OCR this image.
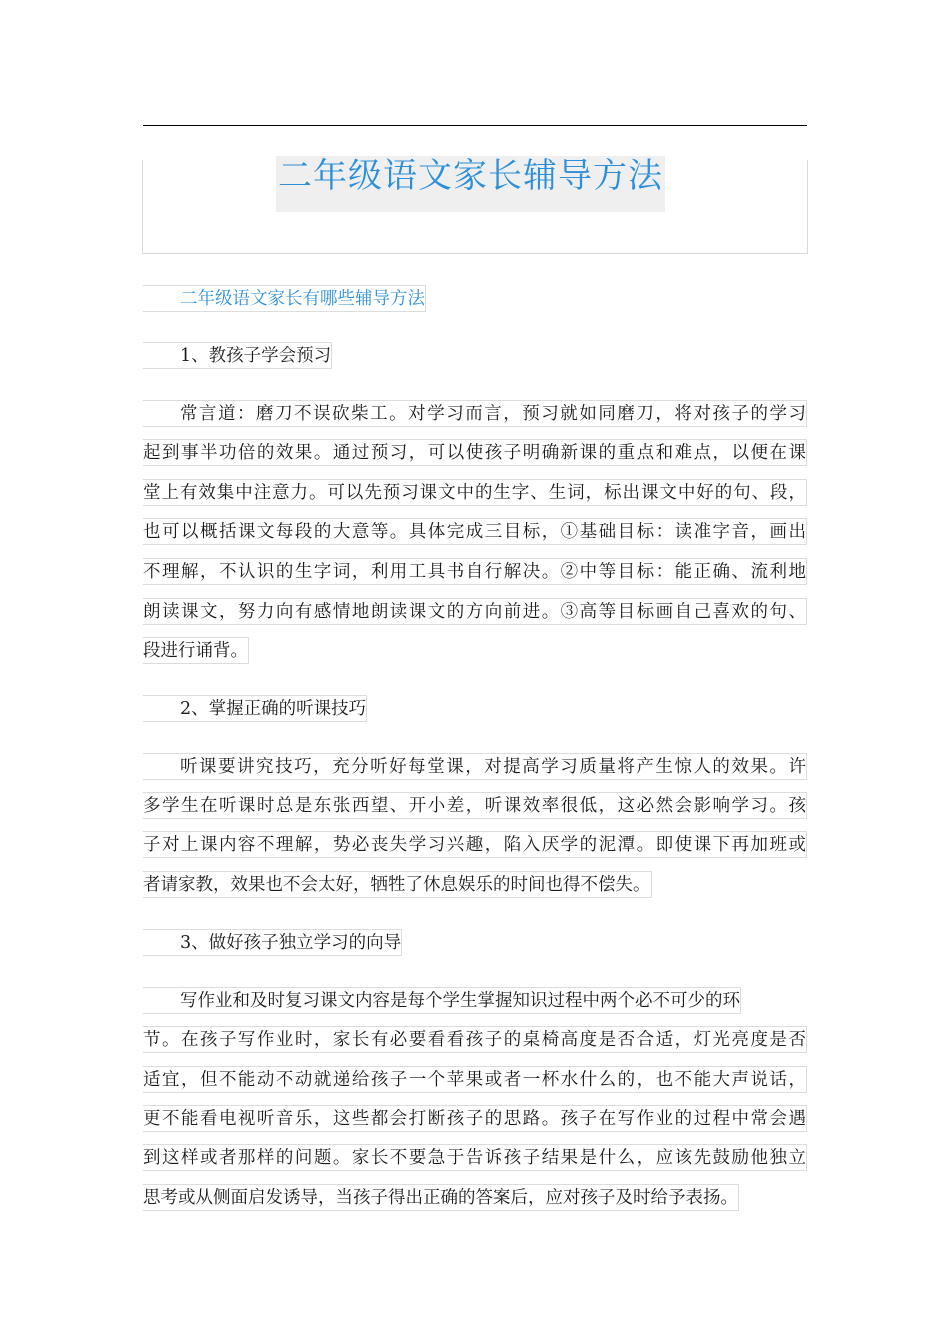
二年级语文家长辅导方法
二年级语文家长有哪些辅导方法
1、教孩子学会预习
常言道：磨刀不误砍柴工。对学习而言，预习就如同磨刀，将对孩子的学习
起到事半功倍的效果。通过预习，可以使孩子明确新课的重点和难点，以便在课
堂上有效集中注意力。可以先预习课文中的生字、生词，标出课文中好的句、段，
也可以概括课文每段的大意等。具体完成三目标，①基础目标：读准字音，画出
不理解，不认识的生字词，利用工具书自行解决。②中等目标：能正确、流利地
朗读课文，努力向有感情地朗读课文的方向前进。③高等目标画自己喜欢的句、
段进行诵背。
2、掌握正确的听课技巧
听课要讲究技巧，充分听好每堂课，对提高学习质量将产生惊人的效果。许
多学生在听课时总是东张西望、开小差，听课效率很低，这必然会影响学习。孩
子对上课内容不理解，势必丧失学习兴趣，陷入厌学的泥潭。即使课下再加班或
者请家教，效果也不会太好，牺牲了休息娱乐的时间也得不偿失。
3、做好孩子独立学习的向导
写作业和及时复习课文内容是每个学生掌握知识过程中两个必不可少的环
节。在孩子写作业时，家长有必要看看孩子的桌椅高度是否合适，灯光亮度是否
适宜，但不能动不动就递给孩子一个苹果或者一杯水什么的，也不能大声说话，
更不能看电视听音乐，这些都会打断孩子的思路。孩子在写作业的过程中常会遇
到这样或者那样的问题。家长不要急于告诉孩子结果是什么，应该先鼓励他独立
思考或从侧面启发诱导，当孩子得出正确的答案后，应对孩子及时给予表扬。
